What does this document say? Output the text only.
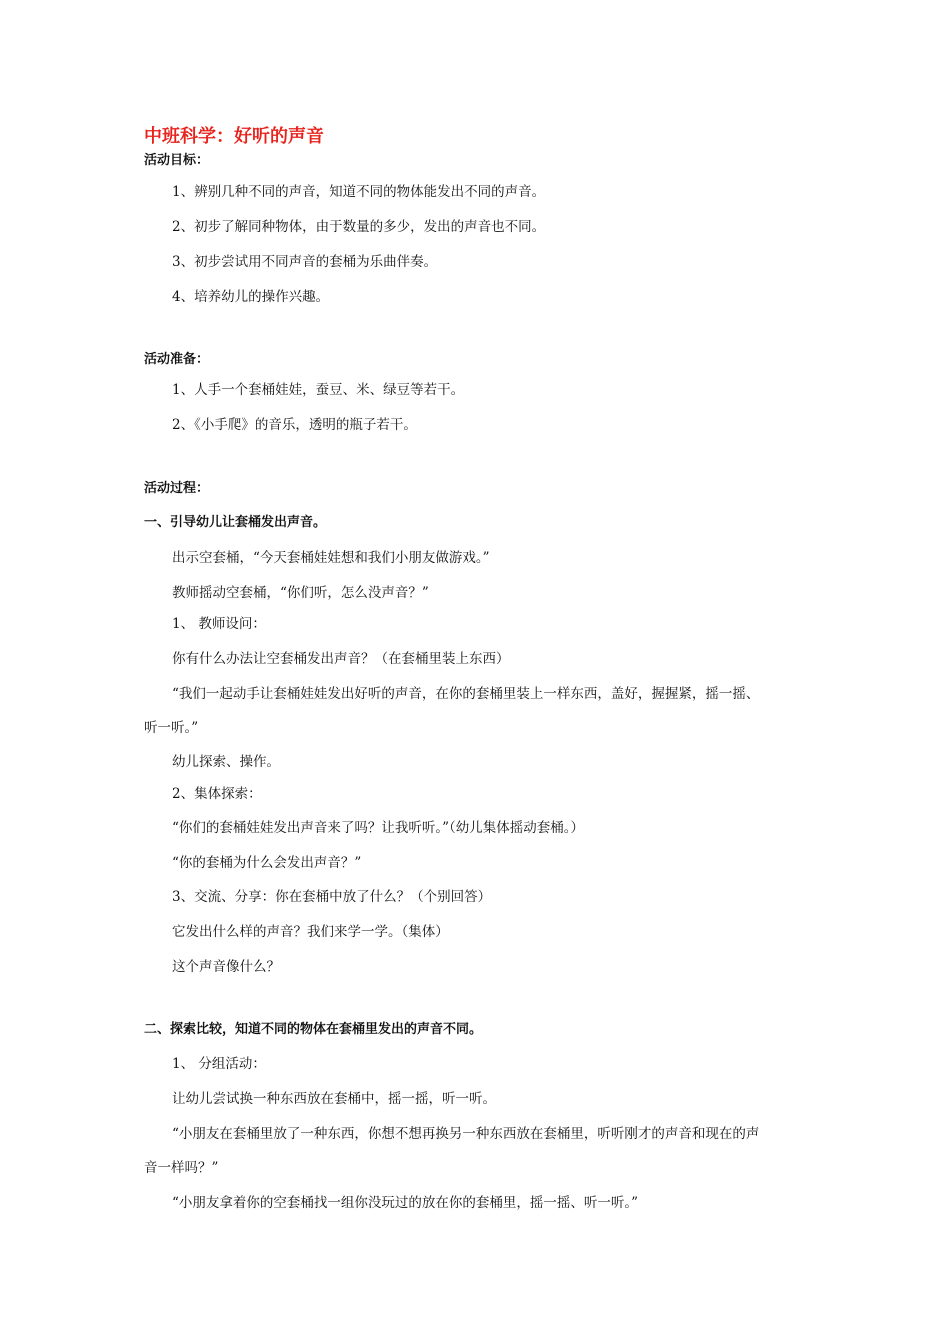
中班科学：好听的声音
活动目标：
1、辨别几种不同的声音，知道不同的物体能发出不同的声音。
2、初步了解同种物体，由于数量的多少，发出的声音也不同。
3、初步尝试用不同声音的套桶为乐曲伴奏。
4、培养幼儿的操作兴趣。
活动准备：
1、人手一个套桶娃娃，蚕豆、米、绿豆等若干。
2、《小手爬》的音乐，透明的瓶子若干。
活动过程：
一、引导幼儿让套桶发出声音。
出示空套桶，“今天套桶娃娃想和我们小朋友做游戏。”
教师摇动空套桶，“你们听，怎么没声音？”
1、 教师设问：
你有什么办法让空套桶发出声音？（在套桶里装上东西）
“我们一起动手让套桶娃娃发出好听的声音，在你的套桶里装上一样东西，盖好，握握紧，摇一摇、
听一听。”
幼儿探索、操作。
2、集体探索：
“你们的套桶娃娃发出声音来了吗？让我听听。”（幼儿集体摇动套桶。）
“你的套桶为什么会发出声音？”
3、交流、分享：你在套桶中放了什么？（个别回答）
它发出什么样的声音？我们来学一学。（集体）
这个声音像什么？
二、探索比较，知道不同的物体在套桶里发出的声音不同。
1、 分组活动：
让幼儿尝试换一种东西放在套桶中，摇一摇，听一听。
“小朋友在套桶里放了一种东西，你想不想再换另一种东西放在套桶里，听听刚才的声音和现在的声
音一样吗？”
“小朋友拿着你的空套桶找一组你没玩过的放在你的套桶里，摇一摇、听一听。”
